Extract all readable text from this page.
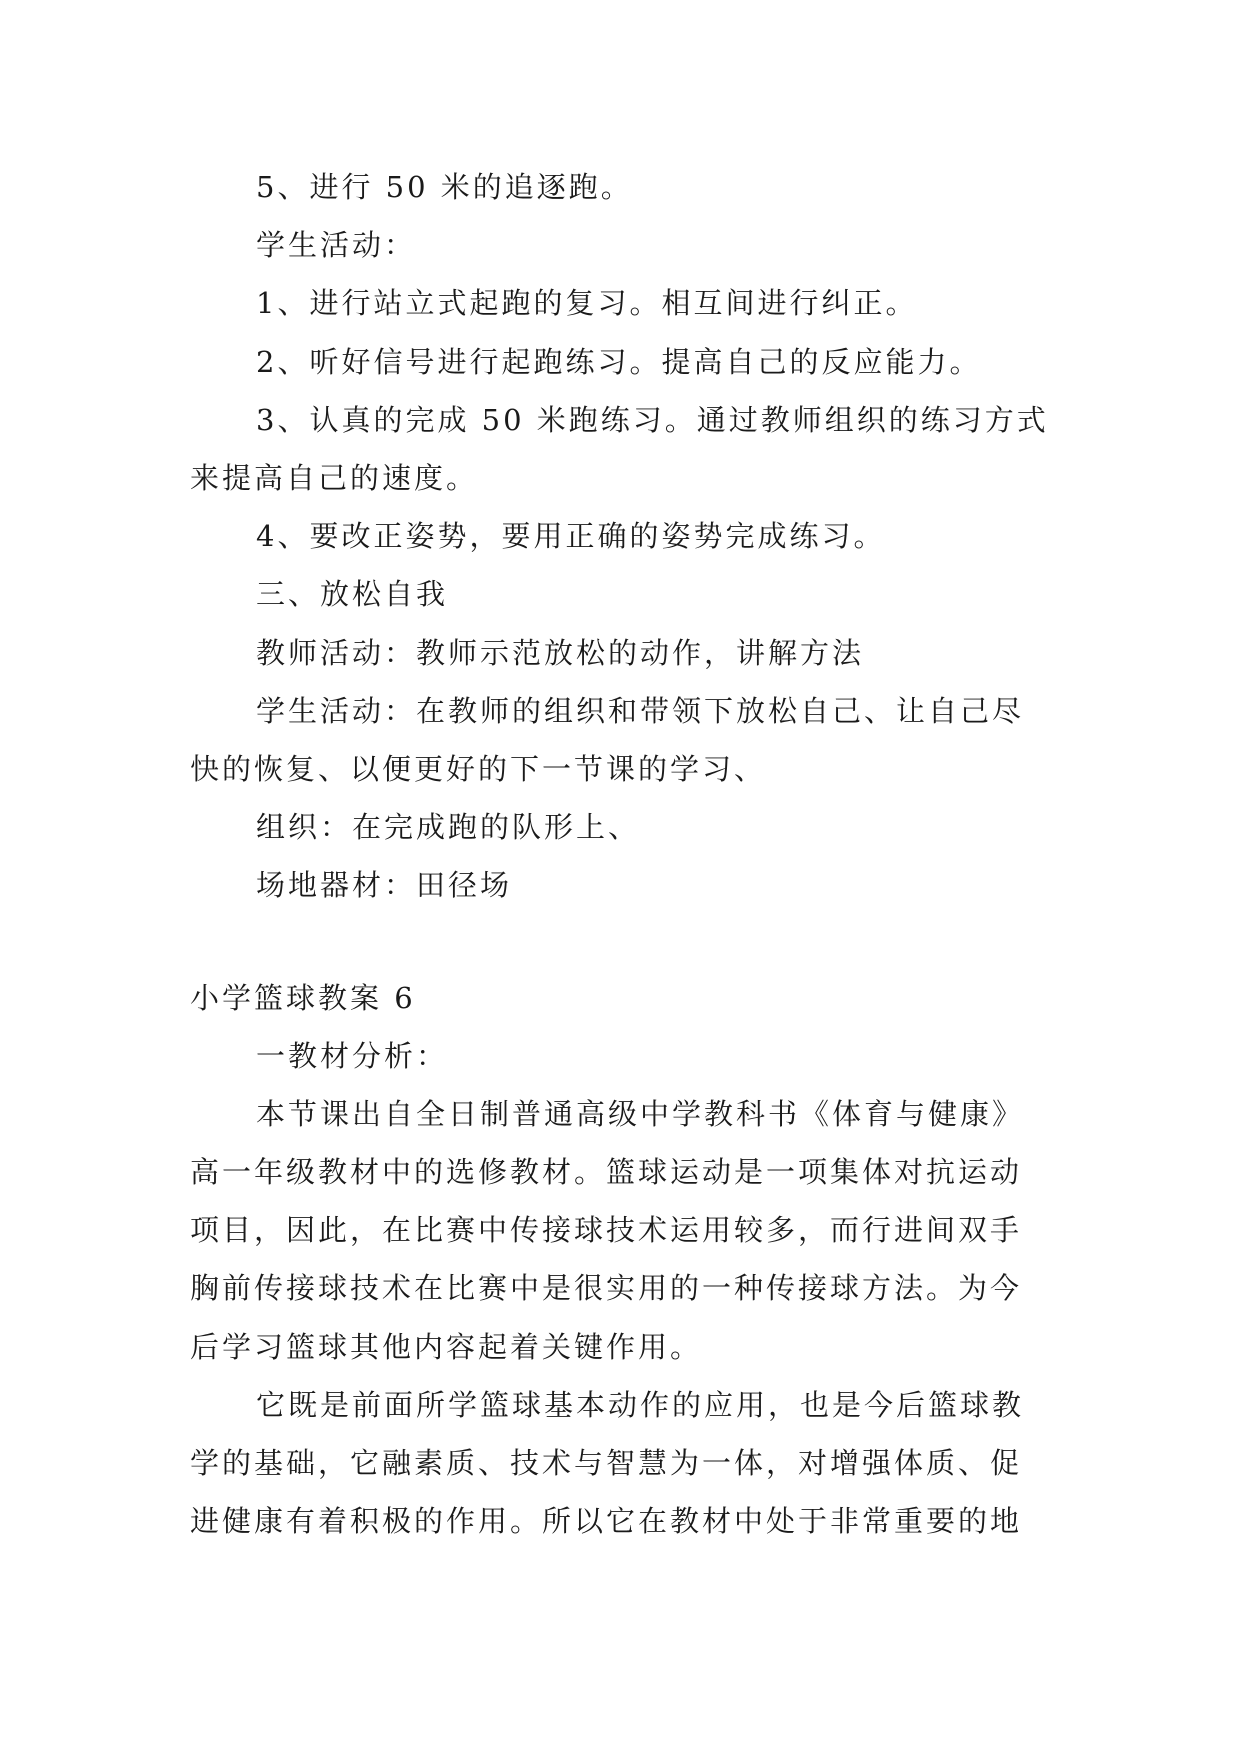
5、进行 50 米的追逐跑。
学生活动：
1、进行站立式起跑的复习。相互间进行纠正。
2、听好信号进行起跑练习。提高自己的反应能力。
3、认真的完成 50 米跑练习。通过教师组织的练习方式
来提高自己的速度。
4、要改正姿势，要用正确的姿势完成练习。
三、放松自我
教师活动：教师示范放松的动作，讲解方法
学生活动：在教师的组织和带领下放松自己、让自己尽
快的恢复、以便更好的下一节课的学习、
组织：在完成跑的队形上、
场地器材：田径场
小学篮球教案 6
一教材分析：
本节课出自全日制普通高级中学教科书《体育与健康》
高一年级教材中的选修教材。篮球运动是一项集体对抗运动
项目，因此，在比赛中传接球技术运用较多，而行进间双手
胸前传接球技术在比赛中是很实用的一种传接球方法。为今
后学习篮球其他内容起着关键作用。
它既是前面所学篮球基本动作的应用，也是今后篮球教
学的基础，它融素质、技术与智慧为一体，对增强体质、促
进健康有着积极的作用。所以它在教材中处于非常重要的地
